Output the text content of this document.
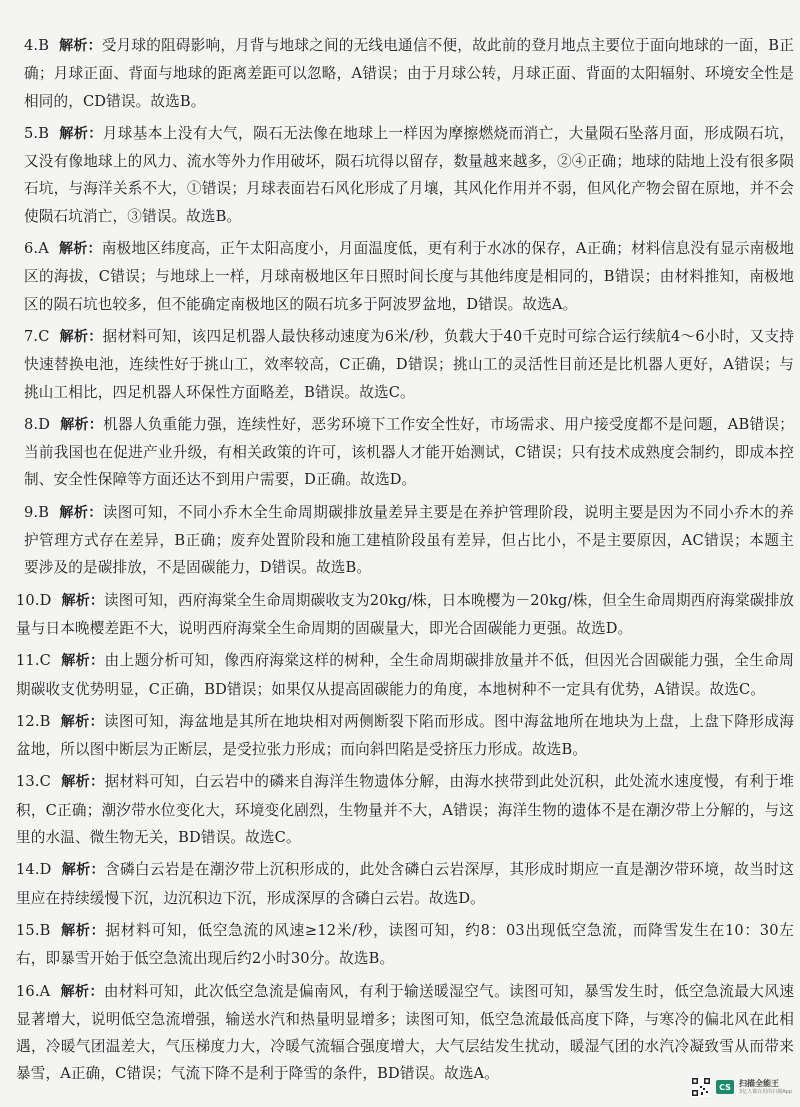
4.B 解析：受月球的阻碍影响，月背与地球之间的无线电通信不便，故此前的登月地点主要位于面向地球的一面，B正确；月球正面、背面与地球的距离差距可以忽略，A错误；由于月球公转，月球正面、背面的太阳辐射、环境安全性是相同的，CD错误。故选B。
5.B 解析：月球基本上没有大气，陨石无法像在地球上一样因为摩擦燃烧而消亡，大量陨石坠落月面，形成陨石坑，又没有像地球上的风力、流水等外力作用破坏，陨石坑得以留存，数量越来越多，②④正确；地球的陆地上没有很多陨石坑，与海洋关系不大，①错误；月球表面岩石风化形成了月壤，其风化作用并不弱，但风化产物会留在原地，并不会使陨石坑消亡，③错误。故选B。
6.A 解析：南极地区纬度高，正午太阳高度小，月面温度低，更有利于水冰的保存，A正确；材料信息没有显示南极地区的海拔，C错误；与地球上一样，月球南极地区年日照时间长度与其他纬度是相同的，B错误；由材料推知，南极地区的陨石坑也较多，但不能确定南极地区的陨石坑多于阿波罗盆地，D错误。故选A。
7.C 解析：据材料可知，该四足机器人最快移动速度为6米/秒，负载大于40千克时可综合运行续航4～6小时，又支持快速替换电池，连续性好于挑山工，效率较高，C正确，D错误；挑山工的灵活性目前还是比机器人更好，A错误；与挑山工相比，四足机器人环保性方面略差，B错误。故选C。
8.D 解析：机器人负重能力强，连续性好，恶劣环境下工作安全性好，市场需求、用户接受度都不是问题，AB错误；当前我国也在促进产业升级，有相关政策的许可，该机器人才能开始测试，C错误；只有技术成熟度会制约，即成本控制、安全性保障等方面还达不到用户需要，D正确。故选D。
9.B 解析：读图可知，不同小乔木全生命周期碳排放量差异主要是在养护管理阶段，说明主要是因为不同小乔木的养护管理方式存在差异，B正确；废弃处置阶段和施工建植阶段虽有差异，但占比小，不是主要原因，AC错误；本题主要涉及的是碳排放，不是固碳能力，D错误。故选B。
10.D 解析：读图可知，西府海棠全生命周期碳收支为20kg/株，日本晚樱为－20kg/株，但全生命周期西府海棠碳排放量与日本晚樱差距不大，说明西府海棠全生命周期的固碳量大，即光合固碳能力更强。故选D。
11.C 解析：由上题分析可知，像西府海棠这样的树种，全生命周期碳排放量并不低，但因光合固碳能力强，全生命周期碳收支优势明显，C正确，BD错误；如果仅从提高固碳能力的角度，本地树种不一定具有优势，A错误。故选C。
12.B 解析：读图可知，海盆地是其所在地块相对两侧断裂下陷而形成。图中海盆地所在地块为上盘，上盘下降形成海盆地，所以图中断层为正断层，是受拉张力形成；而向斜凹陷是受挤压力形成。故选B。
13.C 解析：据材料可知，白云岩中的磷来自海洋生物遗体分解，由海水挟带到此处沉积，此处流水速度慢，有利于堆积，C正确；潮汐带水位变化大，环境变化剧烈，生物量并不大，A错误；海洋生物的遗体不是在潮汐带上分解的，与这里的水温、微生物无关，BD错误。故选C。
14.D 解析：含磷白云岩是在潮汐带上沉积形成的，此处含磷白云岩深厚，其形成时期应一直是潮汐带环境，故当时这里应在持续缓慢下沉，边沉积边下沉，形成深厚的含磷白云岩。故选D。
15.B 解析：据材料可知，低空急流的风速≥12米/秒，读图可知，约8：03出现低空急流，而降雪发生在10：30左右，即暴雪开始于低空急流出现后约2小时30分。故选B。
16.A 解析：由材料可知，此次低空急流是偏南风，有利于输送暖湿空气。读图可知，暴雪发生时，低空急流最大风速显著增大，说明低空急流增强，输送水汽和热量明显增多；读图可知，低空急流最低高度下降，与寒冷的偏北风在此相遇，冷暖气团温差大，气压梯度力大，冷暖气流辐合强度增大，大气层结发生扰动，暖湿气团的水汽冷凝致雪从而带来暴雪，A正确，C错误；气流下降不是利于降雪的条件，BD错误。故选A。
CS	扫描全能王
3亿人都在用的扫描App
